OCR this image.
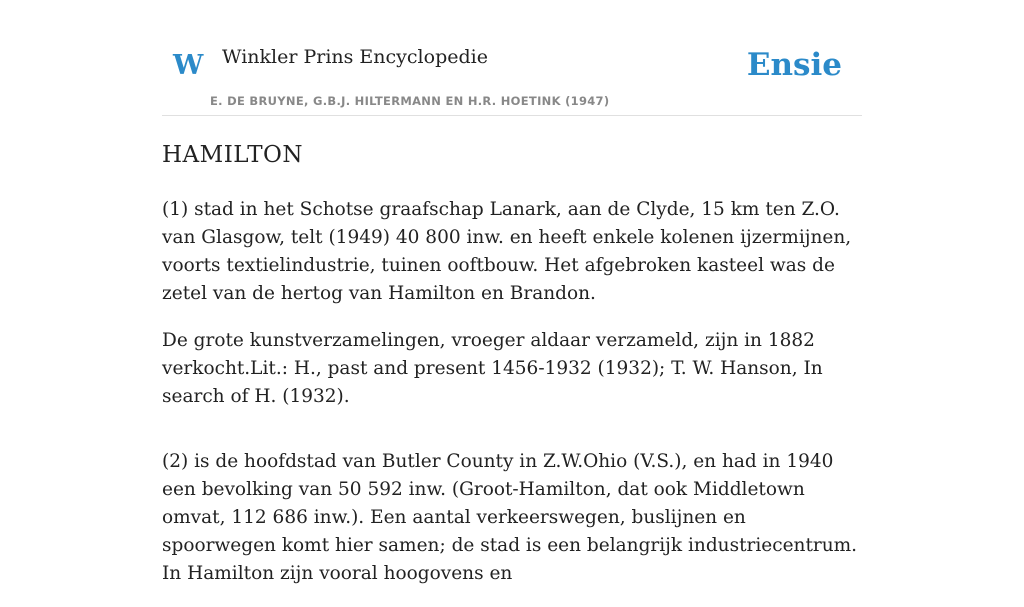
W Winkler Prins Encyclopedie
E. DE BRUYNE, G.B.J. HILTERMANN EN H.R. HOETINK (1947)
Ensie
HAMILTON

(1) stad in het Schotse graafschap Lanark, aan de Clyde, 15 km ten Z.O. van Glasgow, telt (1949) 40 800 inw. en heeft enkele kolenen ijzermijnen, voorts textielindustrie, tuinen ooftbouw. Het afgebroken kasteel was de zetel van de hertog van Hamilton en Brandon.

De grote kunstverzamelingen, vroeger aldaar verzameld, zijn in 1882 verkocht.Lit.: H., past and present 1456-1932 (1932); T. W. Hanson, In search of H. (1932).

(2) is de hoofdstad van Butler County in Z.W.Ohio (V.S.), en had in 1940 een bevolking van 50 592 inw. (Groot-Hamilton, dat ook Middletown omvat, 112 686 inw.). Een aantal verkeerswegen, buslijnen en spoorwegen komt hier samen; de stad is een belangrijk industriecentrum. In Hamilton zijn vooral hoogovens en
